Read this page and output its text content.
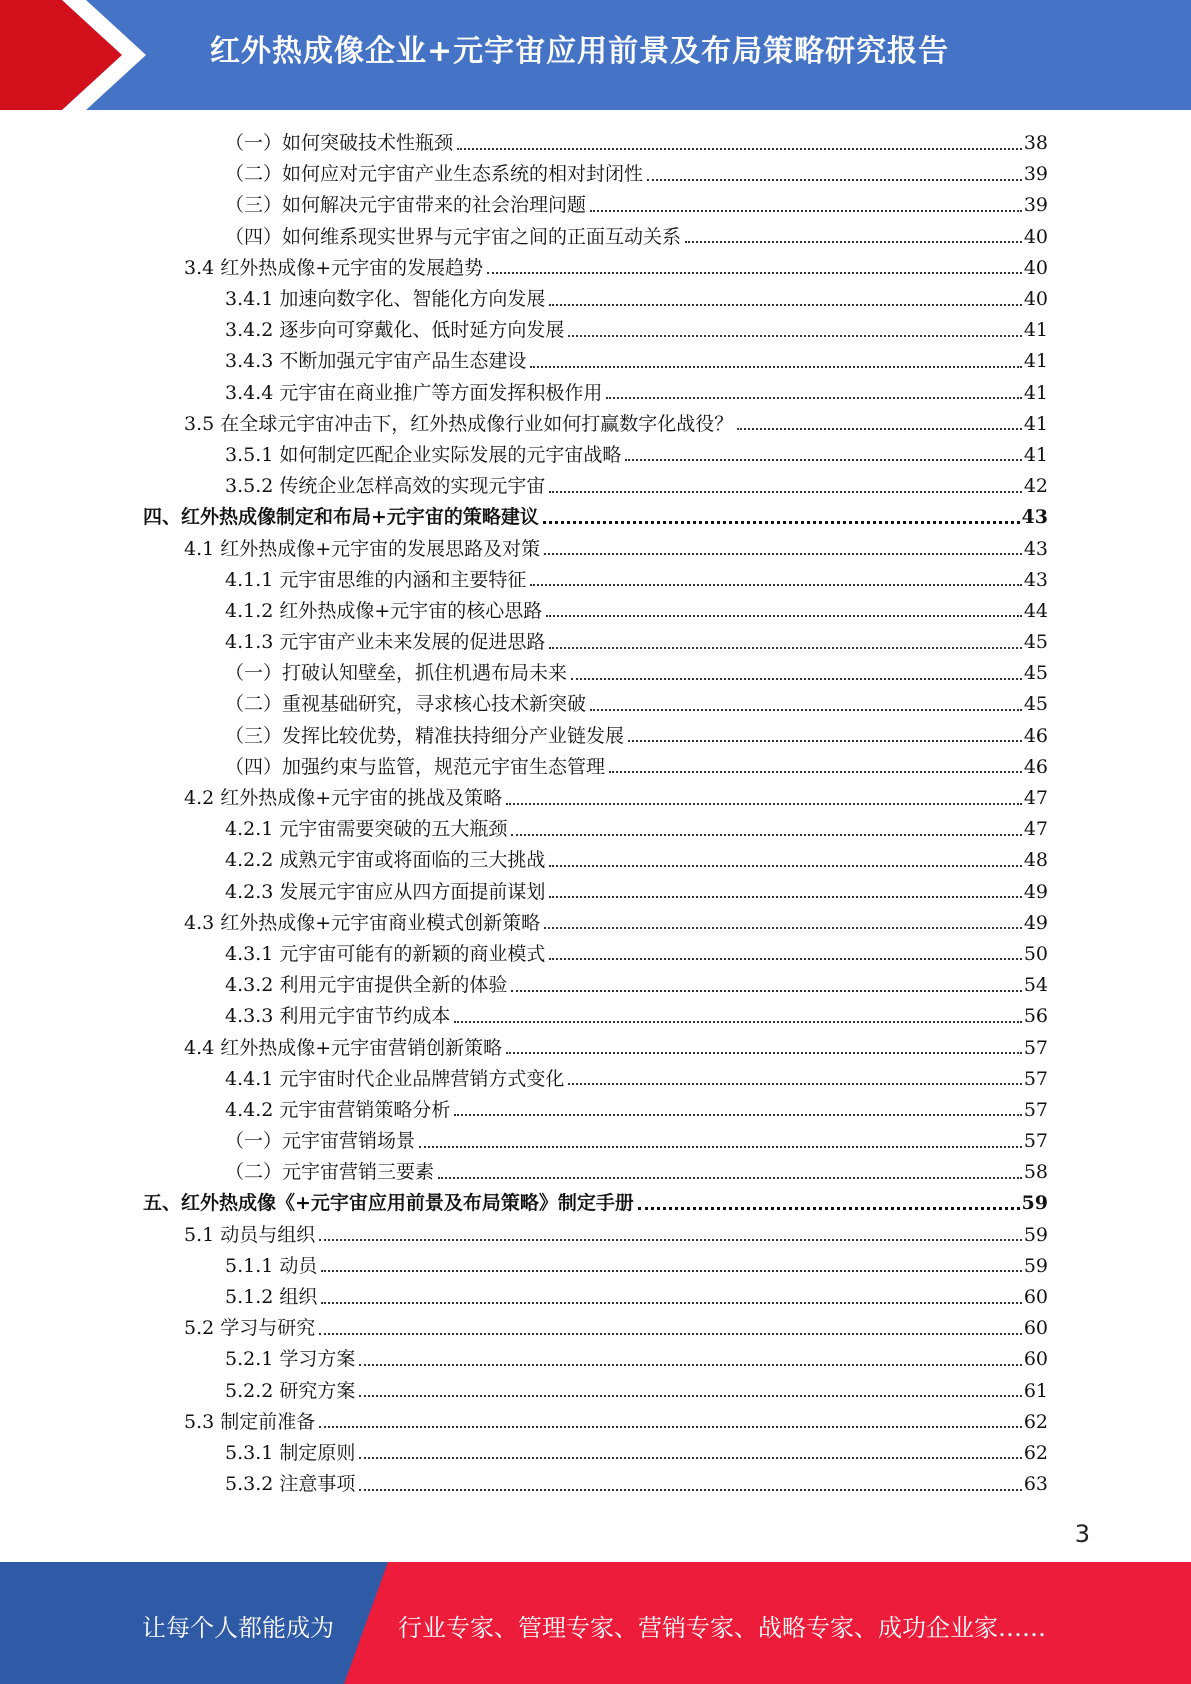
红外热成像企业+元宇宙应用前景及布局策略研究报告
（一）如何突破技术性瓶颈	38
（二）如何应对元宇宙产业生态系统的相对封闭性	39
（三）如何解决元宇宙带来的社会治理问题	39
（四）如何维系现实世界与元宇宙之间的正面互动关系	40
3.4 红外热成像+元宇宙的发展趋势	40
3.4.1 加速向数字化、智能化方向发展	40
3.4.2 逐步向可穿戴化、低时延方向发展	41
3.4.3 不断加强元宇宙产品生态建设	41
3.4.4 元宇宙在商业推广等方面发挥积极作用	41
3.5 在全球元宇宙冲击下，红外热成像行业如何打赢数字化战役？	41
3.5.1 如何制定匹配企业实际发展的元宇宙战略	41
3.5.2 传统企业怎样高效的实现元宇宙	42
四、红外热成像制定和布局+元宇宙的策略建议	43
4.1 红外热成像+元宇宙的发展思路及对策	43
4.1.1 元宇宙思维的内涵和主要特征	43
4.1.2 红外热成像+元宇宙的核心思路	44
4.1.3 元宇宙产业未来发展的促进思路	45
（一）打破认知壁垒，抓住机遇布局未来	45
（二）重视基础研究，寻求核心技术新突破	45
（三）发挥比较优势，精准扶持细分产业链发展	46
（四）加强约束与监管，规范元宇宙生态管理	46
4.2 红外热成像+元宇宙的挑战及策略	47
4.2.1 元宇宙需要突破的五大瓶颈	47
4.2.2 成熟元宇宙或将面临的三大挑战	48
4.2.3 发展元宇宙应从四方面提前谋划	49
4.3 红外热成像+元宇宙商业模式创新策略	49
4.3.1 元宇宙可能有的新颖的商业模式	50
4.3.2 利用元宇宙提供全新的体验	54
4.3.3 利用元宇宙节约成本	56
4.4 红外热成像+元宇宙营销创新策略	57
4.4.1 元宇宙时代企业品牌营销方式变化	57
4.4.2 元宇宙营销策略分析	57
（一）元宇宙营销场景	57
（二）元宇宙营销三要素	58
五、红外热成像《+元宇宙应用前景及布局策略》制定手册	59
5.1 动员与组织	59
5.1.1 动员	59
5.1.2 组织	60
5.2 学习与研究	60
5.2.1 学习方案	60
5.2.2 研究方案	61
5.3 制定前准备	62
5.3.1 制定原则	62
5.3.2 注意事项	63
3
让每个人都能成为	行业专家、管理专家、营销专家、战略专家、成功企业家……
